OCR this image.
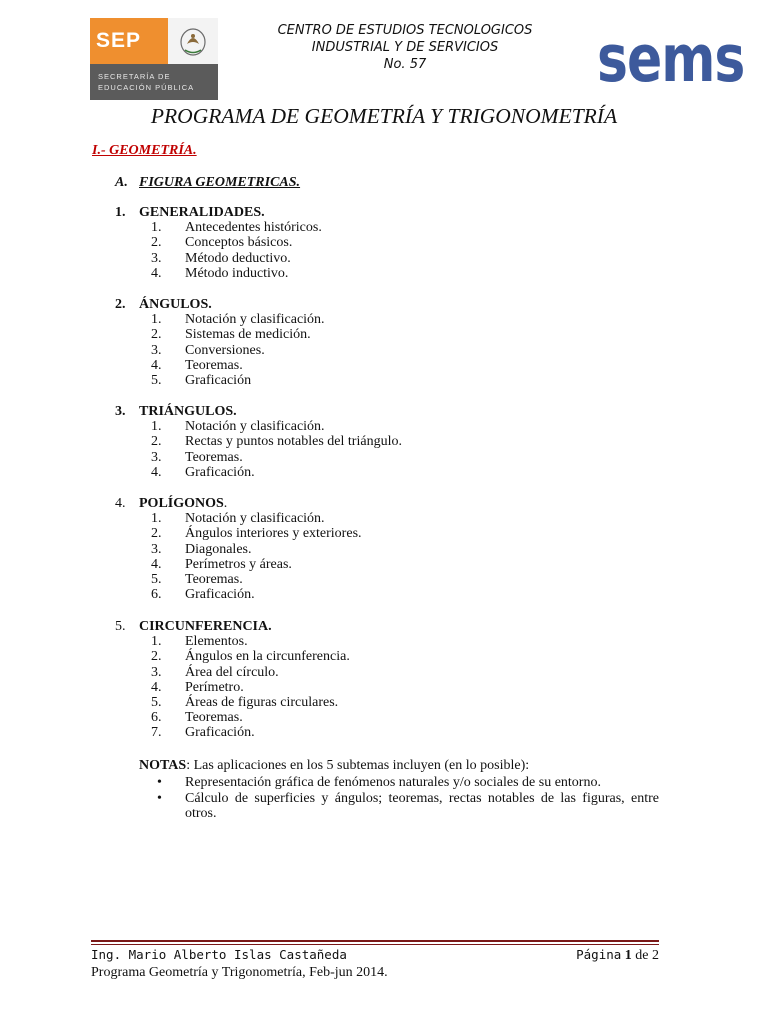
SEP
SECRETARÍA DE
EDUCACIÓN PÚBLICA
CENTRO DE ESTUDIOS TECNOLOGICOS
INDUSTRIAL Y DE SERVICIOS
No. 57	sems
PROGRAMA DE GEOMETRÍA Y TRIGONOMETRÍA
I.- GEOMETRÍA.
A. FIGURA GEOMETRICAS.
1. GENERALIDADES.
1. Antecedentes históricos.
2. Conceptos básicos.
3. Método deductivo.
4. Método inductivo.
2. ÁNGULOS.
1. Notación y clasificación.
2. Sistemas de medición.
3. Conversiones.
4. Teoremas.
5. Graficación
3. TRIÁNGULOS.
1. Notación y clasificación.
2. Rectas y puntos notables del triángulo.
3. Teoremas.
4. Graficación.
4. POLÍGONOS.
1. Notación y clasificación.
2. Ángulos interiores y exteriores.
3. Diagonales.
4. Perímetros y áreas.
5. Teoremas.
6. Graficación.
5. CIRCUNFERENCIA.
1. Elementos.
2. Ángulos en la circunferencia.
3. Área del círculo.
4. Perímetro.
5. Áreas de figuras circulares.
6. Teoremas.
7. Graficación.
NOTAS: Las aplicaciones en los 5 subtemas incluyen (en lo posible):
•	Representación gráfica de fenómenos naturales y/o sociales de su entorno.
•	Cálculo de superficies y ángulos; teoremas, rectas notables de las figuras, entre otros.
Ing. Mario Alberto Islas Castañeda	Página 1 de 2
Programa Geometría y Trigonometría, Feb-jun 2014.
